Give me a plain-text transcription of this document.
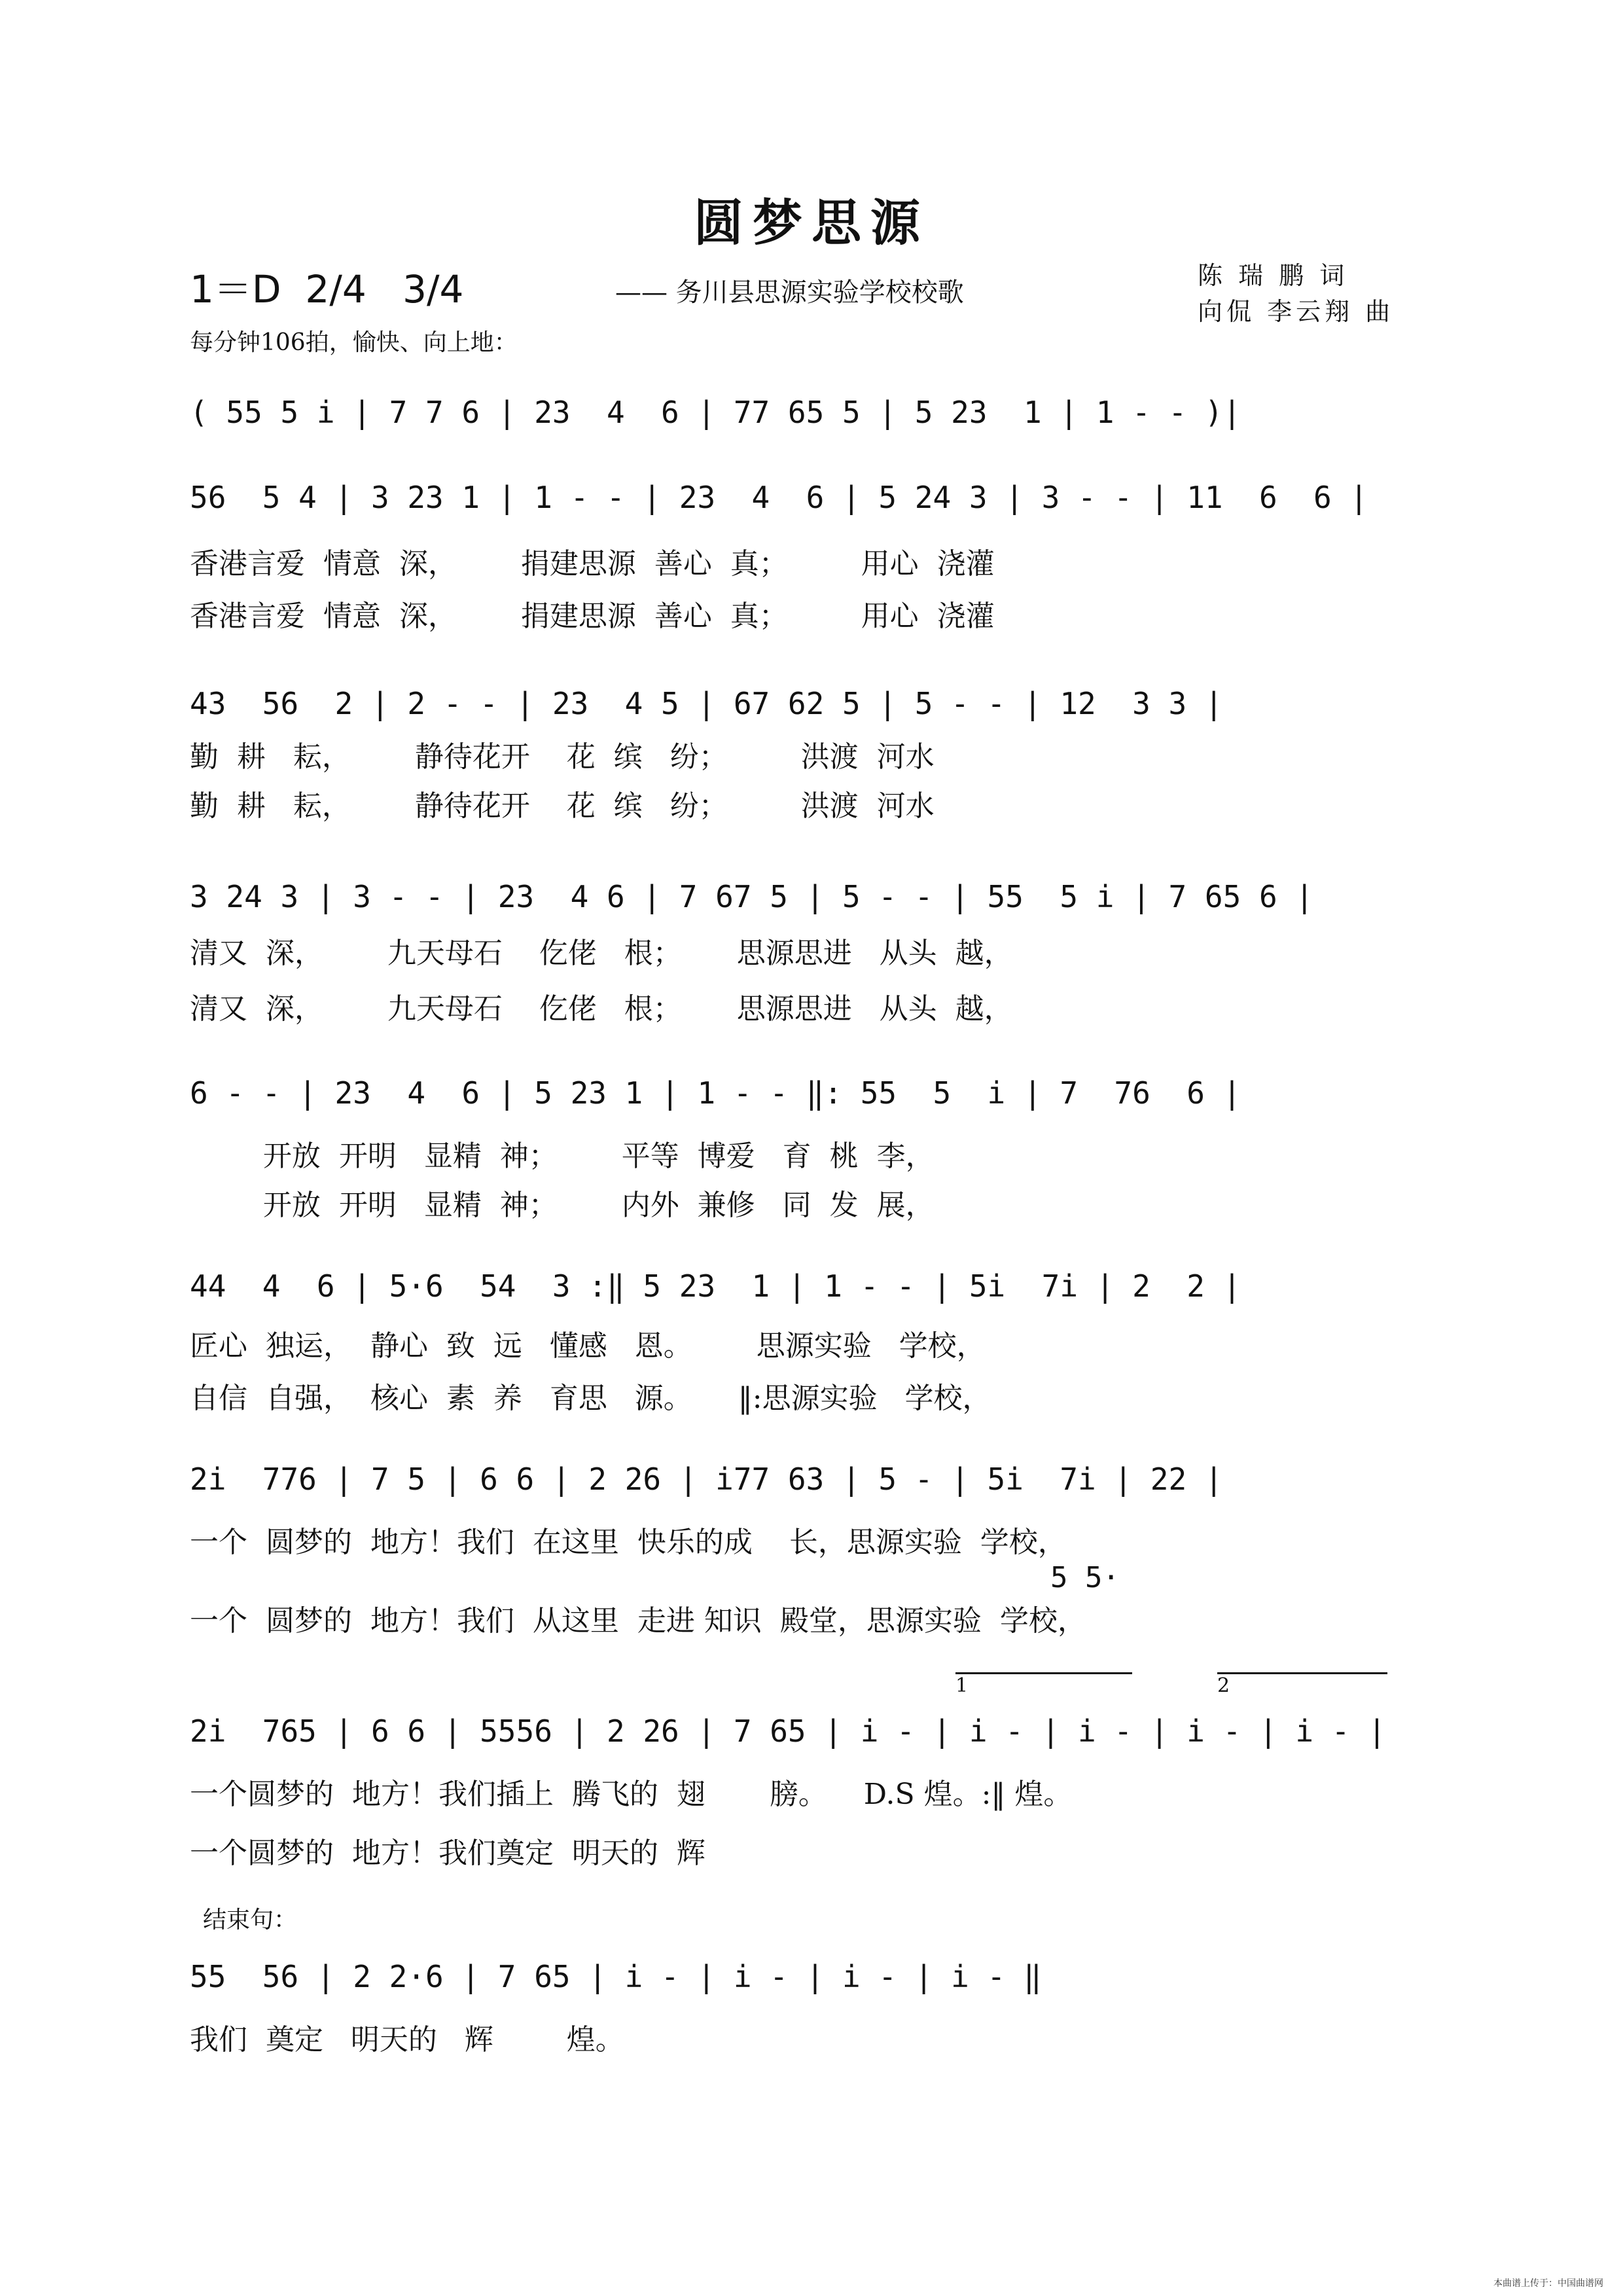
圆梦思源
1＝D  2/4   3/4	—— 务川县思源实验学校校歌
陈 瑞 鹏 词
向侃 李云翔 曲
每分钟106拍，愉快、向上地：
( 55 5 i | 7 7 6 | 23  4  6 | 77 65 5 | 5 23  1 | 1 - - )|
56  5 4 | 3 23 1 | 1 - - | 23  4  6 | 5 24 3 | 3 - - | 11  6  6 |
香港言爱  情意  深，       捐建思源  善心  真；        用心  浇灌
香港言爱  情意  深，       捐建思源  善心  真；        用心  浇灌
43  56  2 | 2 - - | 23  4 5 | 67 62 5 | 5 - - | 12  3 3 |
勤  耕   耘，       静待花开    花  缤   纷；        洪渡  河水
勤  耕   耘，       静待花开    花  缤   纷；        洪渡  河水
3 24 3 | 3 - - | 23  4 6 | 7 67 5 | 5 - - | 55  5 i | 7 65 6 |
清又  深，       九天母石    仡佬   根；      思源思进   从头  越，
清又  深，       九天母石    仡佬   根；      思源思进   从头  越，
6 - - | 23  4  6 | 5 23 1 | 1 - - ‖: 55  5  i | 7  76  6 |
开放  开明   显精  神；       平等  博爱   育  桃  李，
开放  开明   显精  神；       内外  兼修   同  发  展，
44  4  6 | 5·6  54  3 :‖ 5 23  1 | 1 - - | 5i  7i | 2  2 |
匠心  独运，  静心  致  远   懂感   恩。       思源实验   学校，
自信  自强，  核心  素  养   育思   源。     ‖:思源实验   学校，
2i  776 | 7 5 | 6 6 | 2 26 | i77 63 | 5 - | 5i  7i | 22 |
一个  圆梦的  地方！我们  在这里  快乐的成    长，思源实验  学校，
5 5·
一个  圆梦的  地方！我们  从这里  走进 知识  殿堂，思源实验  学校，
1	2
2i  765 | 6 6 | 5556 | 2 26 | 7 65 | i - | i - | i - | i - | i - |
一个圆梦的  地方！我们插上  腾飞的  翅       膀。    D.S 煌。:‖ 煌。
一个圆梦的  地方！我们奠定  明天的  辉
结束句：
55  56 | 2 2·6 | 7 65 | i - | i - | i - | i - ‖
我们  奠定   明天的   辉        煌。
本曲谱上传于：中国曲谱网
